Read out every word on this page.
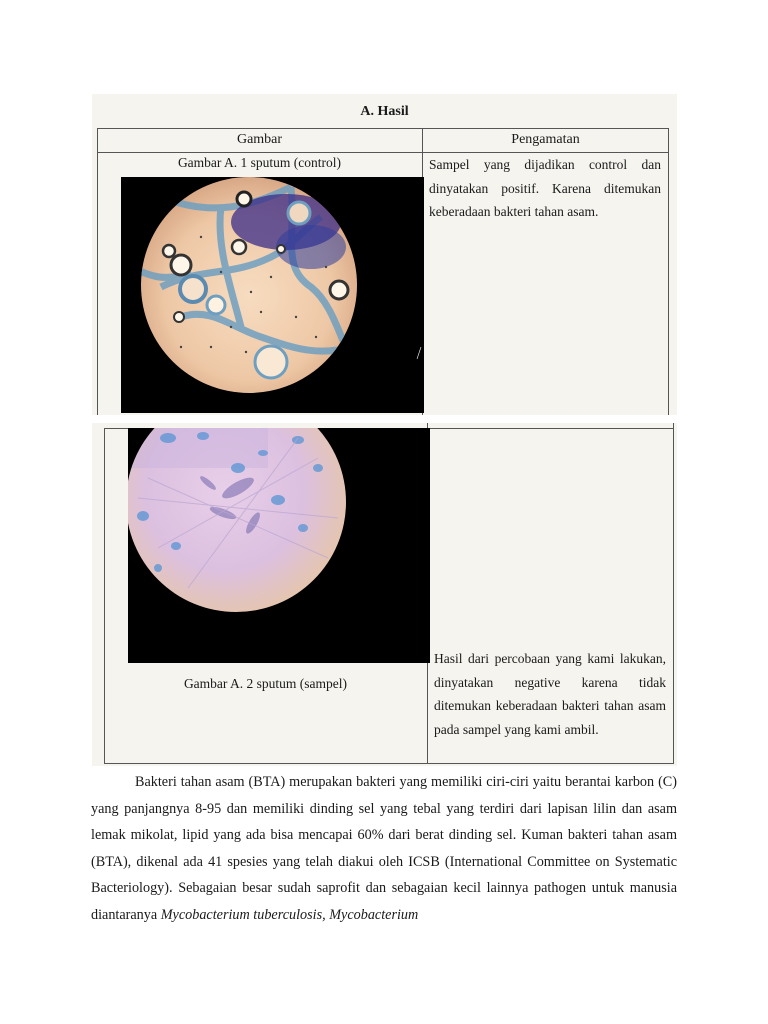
A. Hasil
Gambar	Pengamatan
Gambar A. 1 sputum (control)	Sampel yang dijadikan control dan dinyatakan positif. Karena ditemukan keberadaan bakteri tahan asam.
Gambar A. 2 sputum (sampel)
Hasil dari percobaan yang kami lakukan, dinyatakan negative karena tidak ditemukan keberadaan bakteri tahan asam pada sampel yang kami ambil.
Bakteri tahan asam (BTA) merupakan bakteri yang memiliki ciri-ciri yaitu berantai karbon (C) yang panjangnya 8-95 dan memiliki dinding sel yang tebal yang terdiri dari lapisan lilin dan asam lemak mikolat, lipid yang ada bisa mencapai 60% dari berat dinding sel. Kuman bakteri tahan asam (BTA), dikenal ada 41 spesies yang telah diakui oleh ICSB (International Committee on Systematic Bacteriology). Sebagaian besar sudah saprofit dan sebagaian kecil lainnya pathogen untuk manusia diantaranya Mycobacterium tuberculosis, Mycobacterium
